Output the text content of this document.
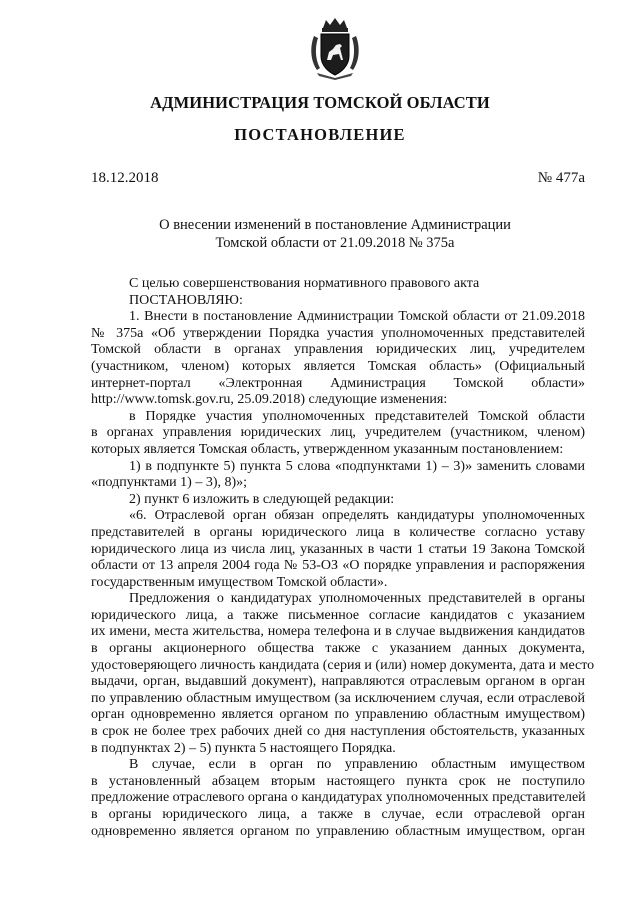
АДМИНИСТРАЦИЯ ТОМСКОЙ ОБЛАСТИ
ПОСТАНОВЛЕНИЕ
18.12.2018	№ 477а
О внесении изменений в постановление Администрации
Томской области от 21.09.2018 № 375а
С целью совершенствования нормативного правового акта
ПОСТАНОВЛЯЮ:
1. Внести в постановление Администрации Томской области от 21.09.2018
№ 375а «Об утверждении Порядка участия уполномоченных представителей
Томской области в органах управления юридических лиц, учредителем
(участником, членом) которых является Томская область» (Официальный
интернет-портал «Электронная Администрация Томской области»
http://www.tomsk.gov.ru, 25.09.2018) следующие изменения:
в Порядке участия уполномоченных представителей Томской области
в органах управления юридических лиц, учредителем (участником, членом)
которых является Томская область, утвержденном указанным постановлением:
1) в подпункте 5) пункта 5 слова «подпунктами 1) – 3)» заменить словами
«подпунктами 1) – 3), 8)»;
2) пункт 6 изложить в следующей редакции:
«6. Отраслевой орган обязан определять кандидатуры уполномоченных
представителей в органы юридического лица в количестве согласно уставу
юридического лица из числа лиц, указанных в части 1 статьи 19 Закона Томской
области от 13 апреля 2004 года № 53-ОЗ «О порядке управления и распоряжения
государственным имуществом Томской области».
Предложения о кандидатурах уполномоченных представителей в органы
юридического лица, а также письменное согласие кандидатов с указанием
их имени, места жительства, номера телефона и в случае выдвижения кандидатов
в органы акционерного общества также с указанием данных документа,
удостоверяющего личность кандидата (серия и (или) номер документа, дата и место
выдачи, орган, выдавший документ), направляются отраслевым органом в орган
по управлению областным имуществом (за исключением случая, если отраслевой
орган одновременно является органом по управлению областным имуществом)
в срок не более трех рабочих дней со дня наступления обстоятельств, указанных
в подпунктах 2) – 5) пункта 5 настоящего Порядка.
В случае, если в орган по управлению областным имуществом
в установленный абзацем вторым настоящего пункта срок не поступило
предложение отраслевого органа о кандидатурах уполномоченных представителей
в органы юридического лица, а также в случае, если отраслевой орган
одновременно является органом по управлению областным имуществом, орган
